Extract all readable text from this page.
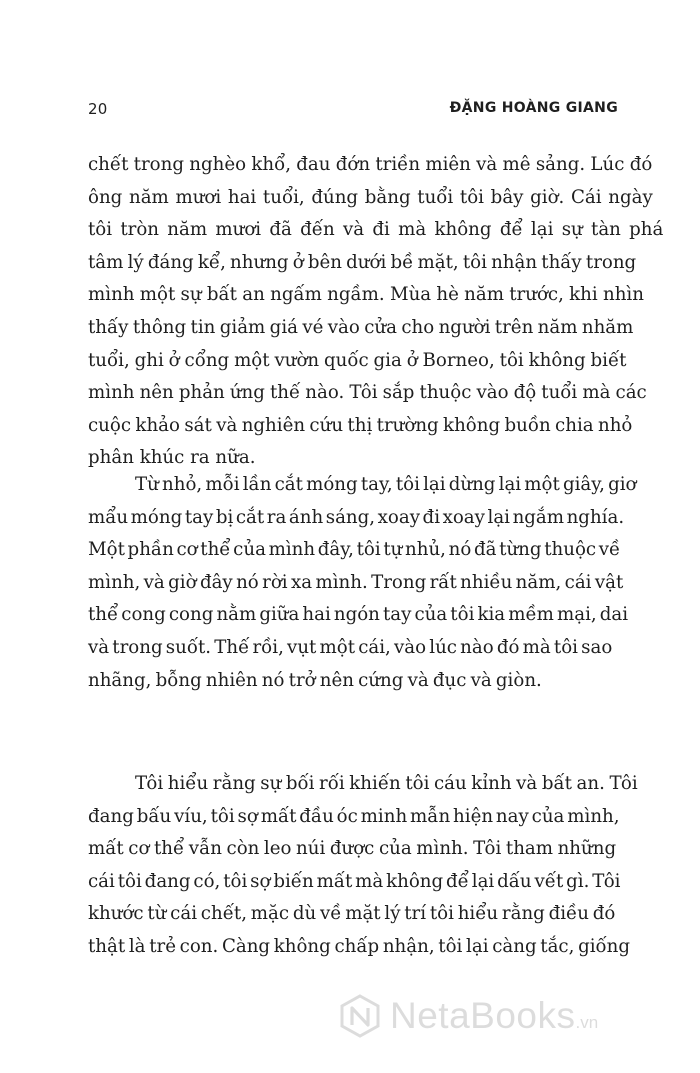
20	ĐẶNG HOÀNG GIANG
chết trong nghèo khổ, đau đớn triền miên và mê sảng. Lúc đó
ông năm mươi hai tuổi, đúng bằng tuổi tôi bây giờ. Cái ngày
tôi tròn năm mươi đã đến và đi mà không để lại sự tàn phá
tâm lý đáng kể, nhưng ở bên dưới bề mặt, tôi nhận thấy trong
mình một sự bất an ngấm ngầm. Mùa hè năm trước, khi nhìn
thấy thông tin giảm giá vé vào cửa cho người trên năm nhăm
tuổi, ghi ở cổng một vườn quốc gia ở Borneo, tôi không biết
mình nên phản ứng thế nào. Tôi sắp thuộc vào độ tuổi mà các
cuộc khảo sát và nghiên cứu thị trường không buồn chia nhỏ
phân khúc ra nữa.
Từ nhỏ, mỗi lần cắt móng tay, tôi lại dừng lại một giây, giơ
mẩu móng tay bị cắt ra ánh sáng, xoay đi xoay lại ngắm nghía.
Một phần cơ thể của mình đây, tôi tự nhủ, nó đã từng thuộc về
mình, và giờ đây nó rời xa mình. Trong rất nhiều năm, cái vật
thể cong cong nằm giữa hai ngón tay của tôi kia mềm mại, dai
và trong suốt. Thế rồi, vụt một cái, vào lúc nào đó mà tôi sao
nhãng, bỗng nhiên nó trở nên cứng và đục và giòn.
Tôi hiểu rằng sự bối rối khiến tôi cáu kỉnh và bất an. Tôi
đang bấu víu, tôi sợ mất đầu óc minh mẫn hiện nay của mình,
mất cơ thể vẫn còn leo núi được của mình. Tôi tham những
cái tôi đang có, tôi sợ biến mất mà không để lại dấu vết gì. Tôi
khước từ cái chết, mặc dù về mặt lý trí tôi hiểu rằng điều đó
thật là trẻ con. Càng không chấp nhận, tôi lại càng tắc, giống
NetaBooks.vn
